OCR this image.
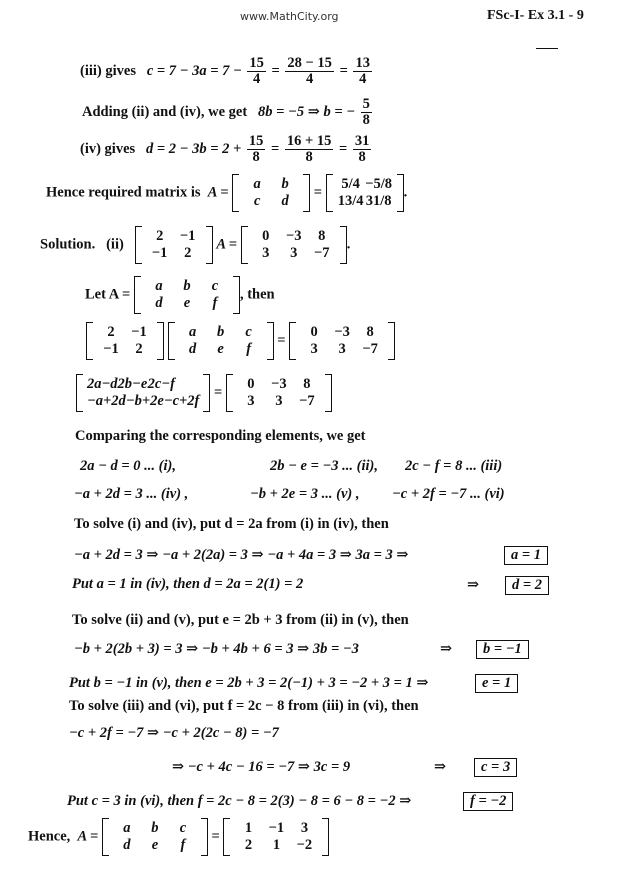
www.MathCity.org	FSc-I- Ex 3.1 - 9
(iii) gives $c = 7 - 3a = 7 - \frac{15}{4} = \frac{28 - 15}{4} = \frac{13}{4}$
Adding (ii) and (iv), we get 8b = −5 ⇒ b = − $\frac{5}{8}$
(iv) gives $d = 2 - 3b = 2 + \frac{15}{8} = \frac{16 + 15}{8} = \frac{31}{8}$
Hence required matrix is A =
a	b
c	d
=
5/4 −5/8
13/4 31/8
.
Solution. (ii)
2	−1
−1	2
A =
0	−3	8
3	3	−7
.
Let A =
a	b	c
d	e	f
, then
2	−1
−1	2

a	b	c
d	e	f
=
0	−3	8
3	3	−7
2a−d 2b−e 2c−f
−a+2d −b+2e −c+2f
=
0	−3	8
3	3	−7
Comparing the corresponding elements, we get
2a − d = 0 ... (i),	2b − e = −3 ... (ii), 2c − f = 8 ... (iii)
−a + 2d = 3 ... (iv) ,	−b + 2e = 3 ... (v) , −c + 2f = −7 ... (vi)
To solve (i) and (iv), put d = 2a from (i) in (iv), then
−a + 2d = 3 ⇒ −a + 2(2a) = 3 ⇒ −a + 4a = 3 ⇒ 3a = 3 ⇒	a = 1
Put a = 1 in (iv), then d = 2a = 2(1) = 2	⇒	d = 2
To solve (ii) and (v), put e = 2b + 3 from (ii) in (v), then
−b + 2(2b + 3) = 3 ⇒ −b + 4b + 6 = 3 ⇒ 3b = −3	⇒	b = −1
Put b = −1 in (v), then e = 2b + 3 = 2(−1) + 3 = −2 + 3 = 1 ⇒	e = 1
To solve (iii) and (vi), put f = 2c − 8 from (iii) in (vi), then
−c + 2f = −7 ⇒ −c + 2(2c − 8) = −7
⇒ −c + 4c − 16 = −7 ⇒ 3c = 9	⇒	c = 3
Put c = 3 in (vi), then f = 2c − 8 = 2(3) − 8 = 6 − 8 = −2 ⇒	f = −2
Hence, A =
a	b	c
d	e	f
=
1	−1	3
2	1	−2
